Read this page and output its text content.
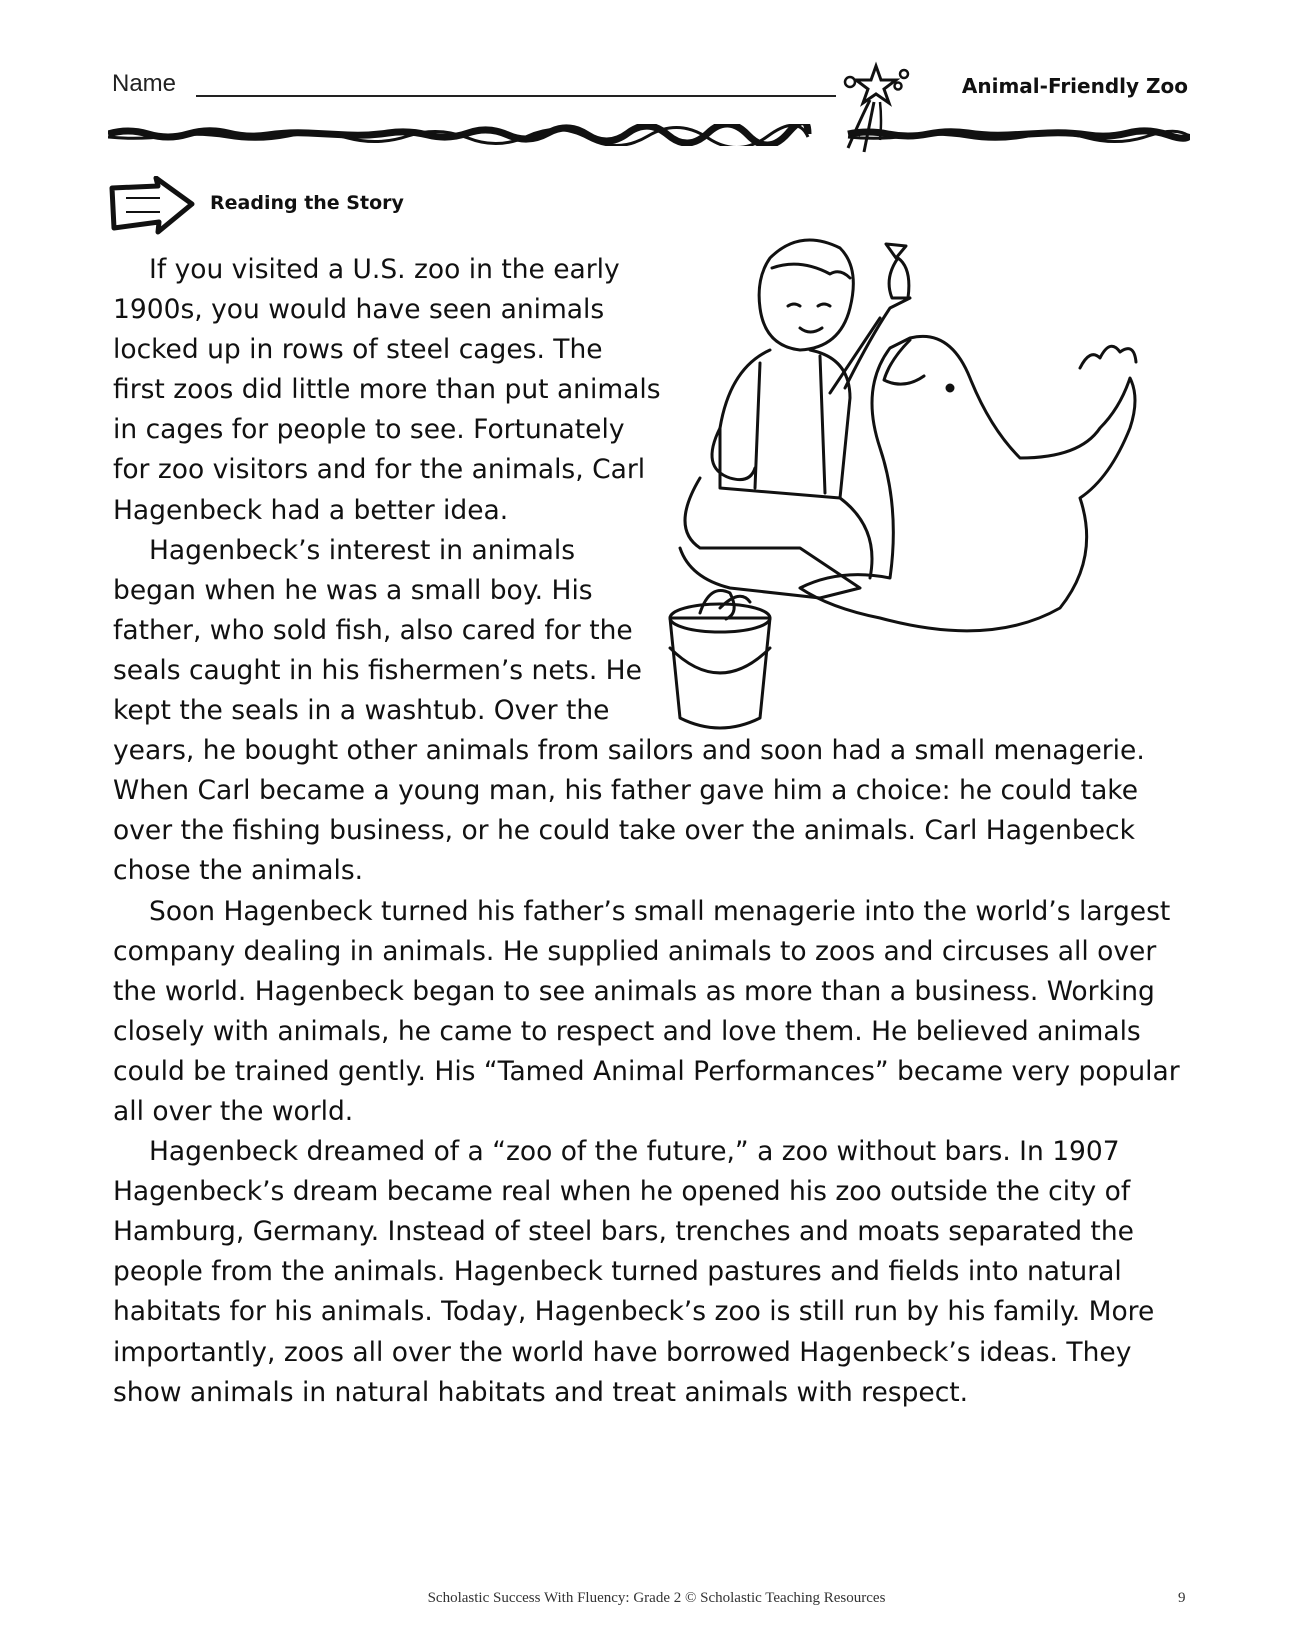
Name	Animal-Friendly Zoo
Reading the Story

If you visited a U.S. zoo in the early 1900s, you would have seen animals locked up in rows of steel cages. The first zoos did little more than put animals in cages for people to see. Fortunately for zoo visitors and for the animals, Carl Hagenbeck had a better idea.

Hagenbeck’s interest in animals began when he was a small boy. His father, who sold fish, also cared for the seals caught in his fishermen’s nets. He kept the seals in a washtub. Over the years, he bought other animals from sailors and soon had a small menagerie. When Carl became a young man, his father gave him a choice: he could take over the fishing business, or he could take over the animals. Carl Hagenbeck chose the animals.

Soon Hagenbeck turned his father’s small menagerie into the world’s largest company dealing in animals. He supplied animals to zoos and circuses all over the world. Hagenbeck began to see animals as more than a business. Working closely with animals, he came to respect and love them. He believed animals could be trained gently. His “Tamed Animal Performances” became very popular all over the world.

Hagenbeck dreamed of a “zoo of the future,” a zoo without bars. In 1907 Hagenbeck’s dream became real when he opened his zoo outside the city of Hamburg, Germany. Instead of steel bars, trenches and moats separated the people from the animals. Hagenbeck turned pastures and fields into natural habitats for his animals. Today, Hagenbeck’s zoo is still run by his family. More importantly, zoos all over the world have borrowed Hagenbeck’s ideas. They show animals in natural habitats and treat animals with respect.

Scholastic Success With Fluency: Grade 2 © Scholastic Teaching Resources	9
